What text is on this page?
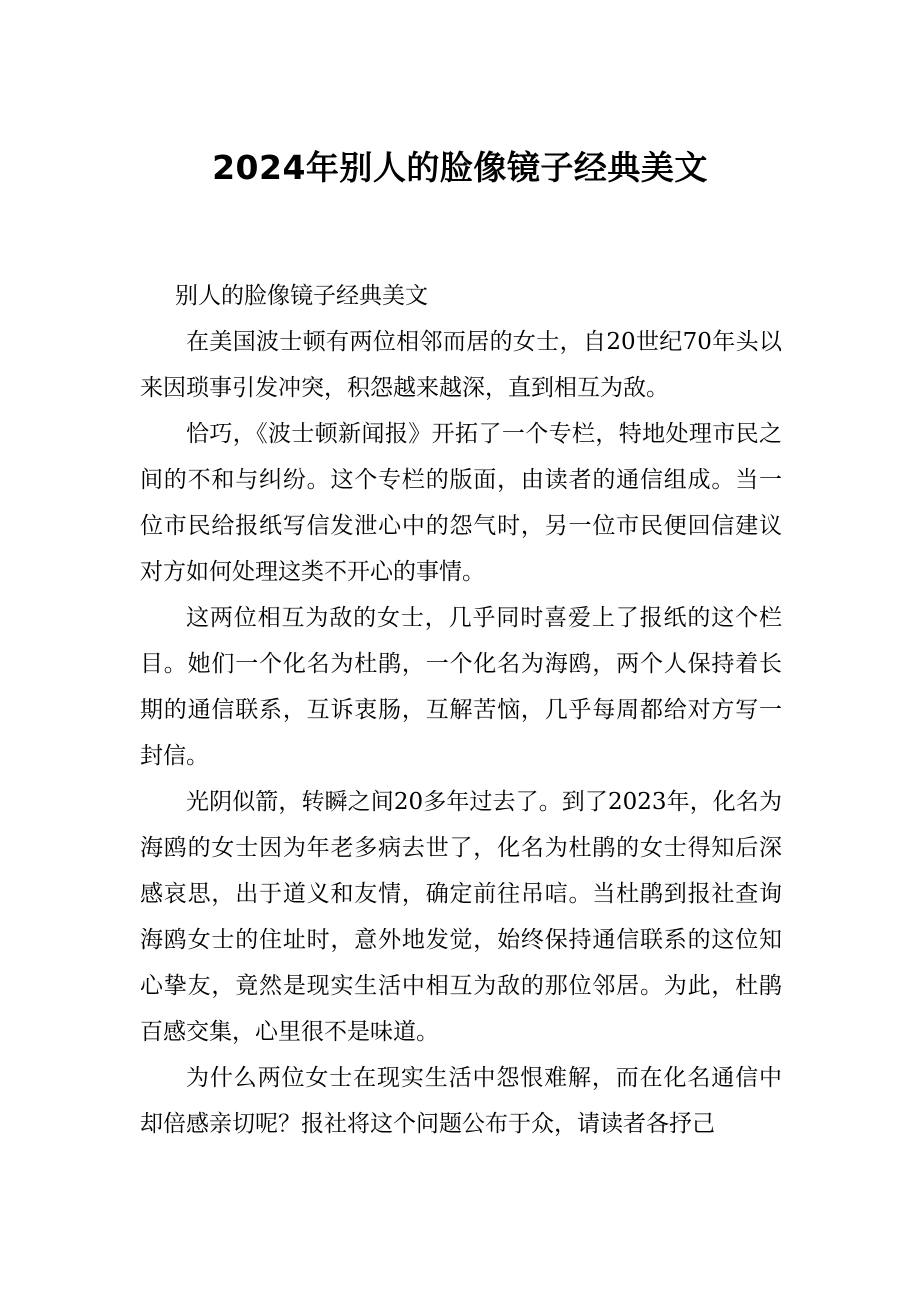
2024年别人的脸像镜子经典美文

别人的脸像镜子经典美文

在美国波士顿有两位相邻而居的女士，自20世纪70年头以来因琐事引发冲突，积怨越来越深，直到相互为敌。

恰巧，《波士顿新闻报》开拓了一个专栏，特地处理市民之间的不和与纠纷。这个专栏的版面，由读者的通信组成。当一位市民给报纸写信发泄心中的怨气时，另一位市民便回信建议对方如何处理这类不开心的事情。

这两位相互为敌的女士，几乎同时喜爱上了报纸的这个栏目。她们一个化名为杜鹃，一个化名为海鸥，两个人保持着长期的通信联系，互诉衷肠，互解苦恼，几乎每周都给对方写一封信。

光阴似箭，转瞬之间20多年过去了。到了2023年，化名为海鸥的女士因为年老多病去世了，化名为杜鹃的女士得知后深感哀思，出于道义和友情，确定前往吊唁。当杜鹃到报社查询海鸥女士的住址时，意外地发觉，始终保持通信联系的这位知心挚友，竟然是现实生活中相互为敌的那位邻居。为此，杜鹃百感交集，心里很不是味道。

为什么两位女士在现实生活中怨恨难解，而在化名通信中却倍感亲切呢？报社将这个问题公布于众，请读者各抒己
